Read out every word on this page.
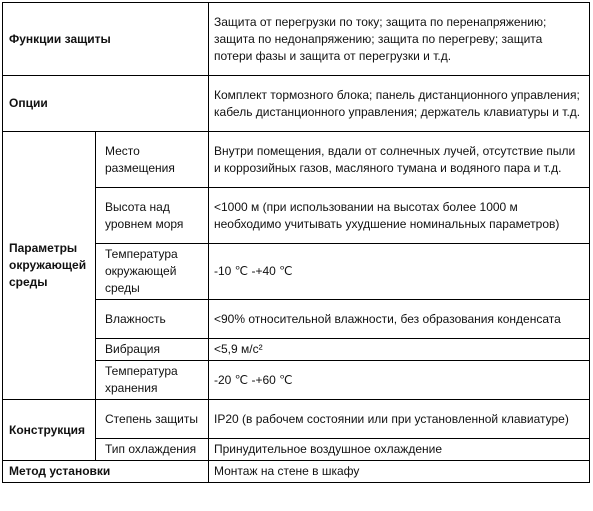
Функции защиты		Защита от перегрузки по току; защита по перенапряжению; защита по недонапряжению; защита по перегреву; защита потери фазы и защита от перегрузки и т.д.
Опции		Комплект тормозного блока; панель дистанционного управления; кабель дистанционного управления; держатель клавиатуры и т.д.
Параметры окружающей среды	Место размещения	Внутри помещения, вдали от солнечных лучей, отсутствие пыли и коррозийных газов, масляного тумана и водяного пара и т.д.
	Высота над уровнем моря	<1000 м (при использовании на высотах более 1000 м необходимо учитывать ухудшение номинальных параметров)
	Температура окружающей среды	-10 ℃ -+40 ℃
	Влажность	<90% относительной влажности, без образования конденсата
	Вибрация	<5,9 м/с²
	Температура хранения	-20 ℃ -+60 ℃
Конструкция	Степень защиты	IP20 (в рабочем состоянии или при установленной клавиатуре)
	Тип охлаждения	Принудительное воздушное охлаждение
Метод установки		Монтаж на стене в шкафу
